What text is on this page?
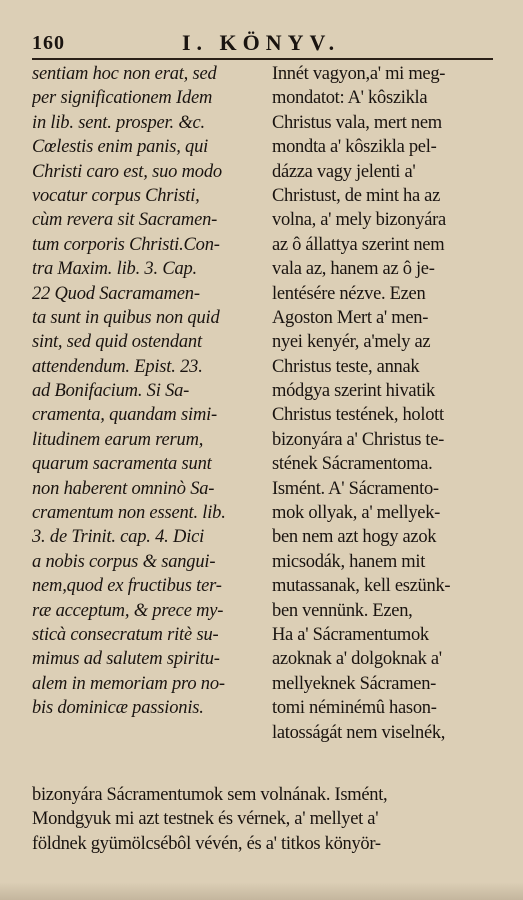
160	I. KÖNYV.
sentiam hoc non erat, sed
per significationem Idem
in lib. sent. prosper. &c.
Cœlestis enim panis, qui
Christi caro est, suo modo
vocatur corpus Christi,
cùm revera sit Sacramen-
tum corporis Christi.Con-
tra Maxim. lib. 3. Cap.
22 Quod Sacramamen-
ta sunt in quibus non quid
sint, sed quid ostendant
attendendum. Epist. 23.
ad Bonifacium. Si Sa-
cramenta, quandam simi-
litudinem earum rerum,
quarum sacramenta sunt
non haberent omninò Sa-
cramentum non essent. lib.
3. de Trinit. cap. 4. Dici
a nobis corpus & sangui-
nem,quod ex fructibus ter-
ræ acceptum, & prece my-
sticà consecratum ritè su-
mimus ad salutem spiritu-
alem in memoriam pro no-
bis dominicæ passionis.
Innét vagyon,a' mi meg-
mondatot: A' kôszikla
Christus vala, mert nem
mondta a' kôszikla pel-
dázza vagy jelenti a'
Christust, de mint ha az
volna, a' mely bizonyára
az ô állattya szerint nem
vala az, hanem az ô je-
lentésére nézve. Ezen
Agoston Mert a' men-
nyei kenyér, a'mely az
Christus teste, annak
módgya szerint hivatik
Christus testének, holott
bizonyára a' Christus te-
stének Sácramentoma.
Ismént. A' Sácramento-
mok ollyak, a' mellyek-
ben nem azt hogy azok
micsodák, hanem mit
mutassanak, kell eszünk-
ben vennünk. Ezen,
Ha a' Sácramentumok
azoknak a' dolgoknak a'
mellyeknek Sácramen-
tomi néminémû hason-
latosságát nem viselnék,
bizonyára Sácramentumok sem volnának. Ismént,
Mondgyuk mi azt testnek és vérnek, a' mellyet a'
földnek gyümölcsébôl vévén, és a' titkos könyör-
